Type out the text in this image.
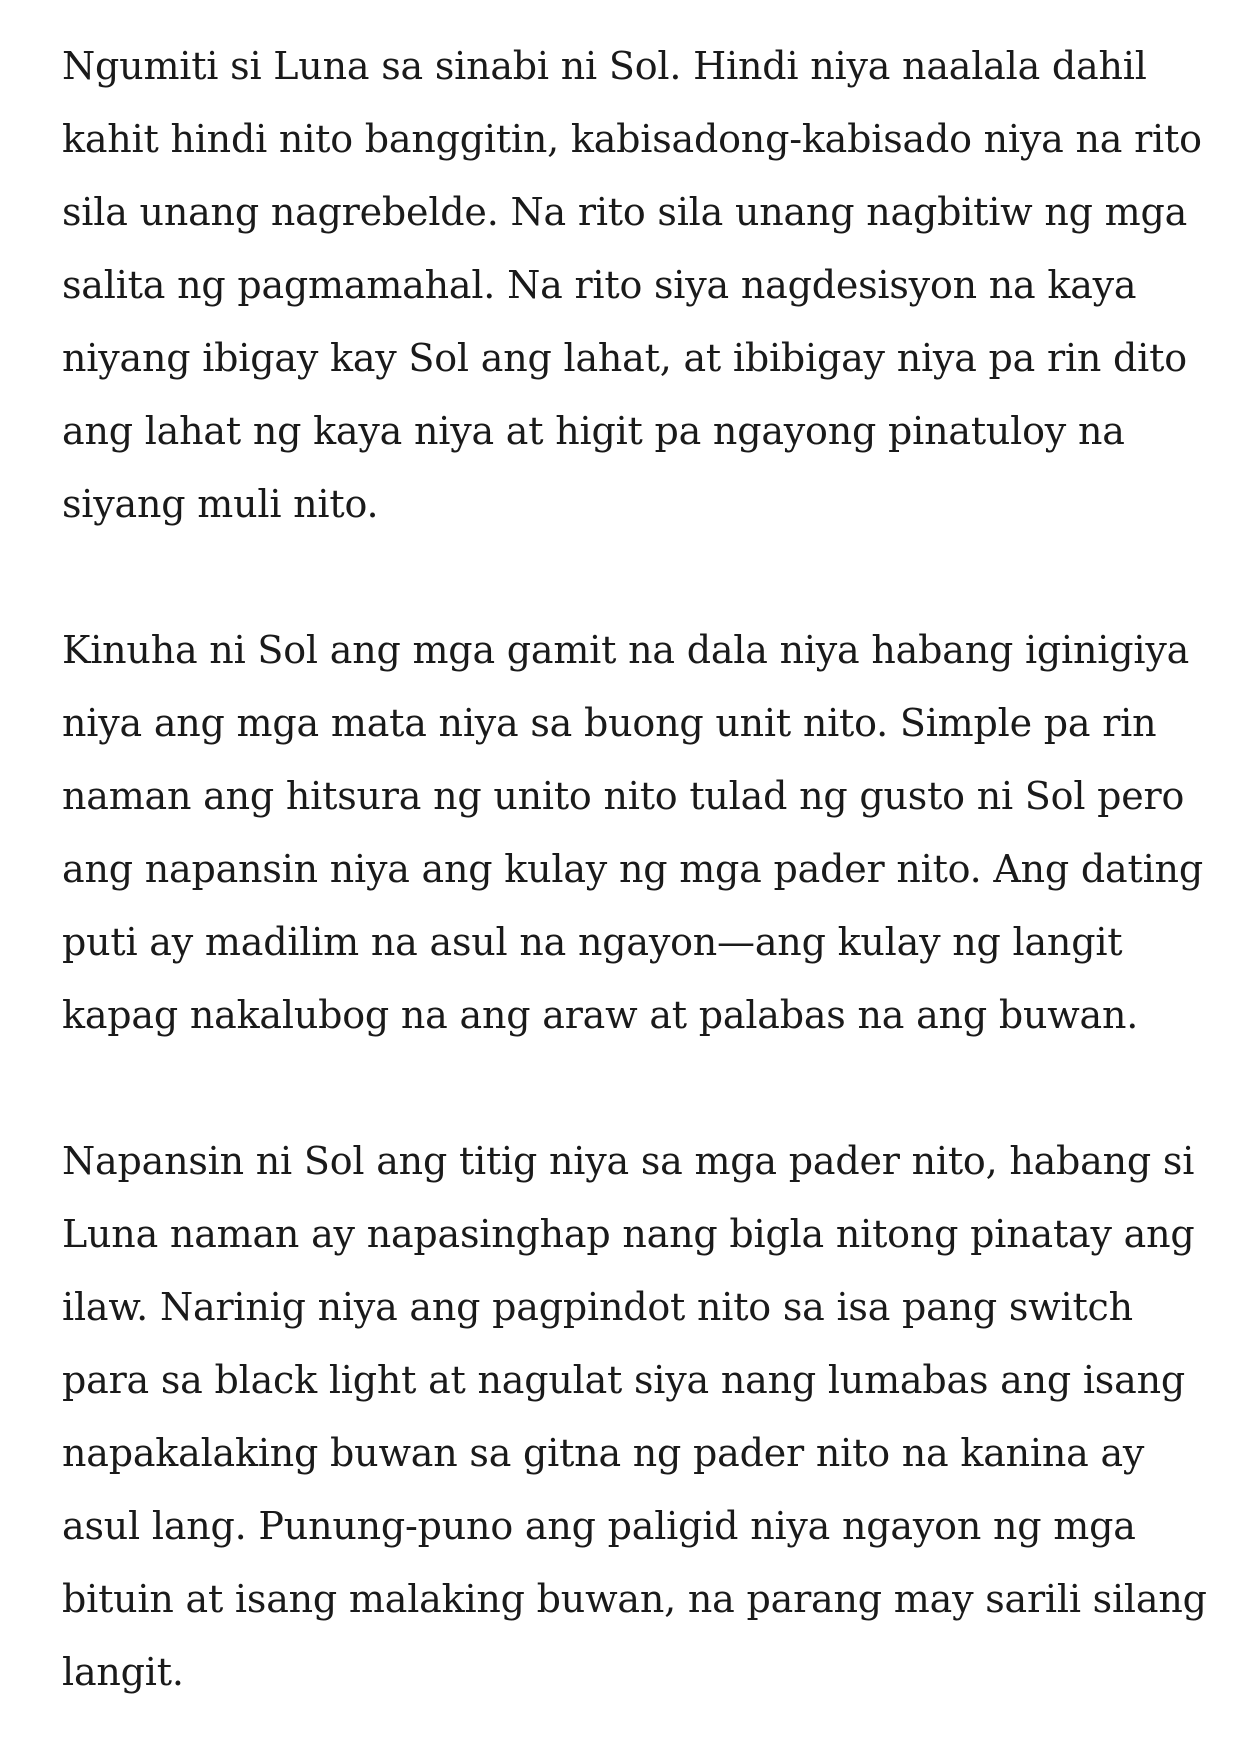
Ngumiti si Luna sa sinabi ni Sol. Hindi niya naalala dahil
kahit hindi nito banggitin, kabisadong-kabisado niya na rito
sila unang nagrebelde. Na rito sila unang nagbitiw ng mga
salita ng pagmamahal. Na rito siya nagdesisyon na kaya
niyang ibigay kay Sol ang lahat, at ibibigay niya pa rin dito
ang lahat ng kaya niya at higit pa ngayong pinatuloy na
siyang muli nito.

Kinuha ni Sol ang mga gamit na dala niya habang iginigiya
niya ang mga mata niya sa buong unit nito. Simple pa rin
naman ang hitsura ng unito nito tulad ng gusto ni Sol pero
ang napansin niya ang kulay ng mga pader nito. Ang dating
puti ay madilim na asul na ngayon—ang kulay ng langit
kapag nakalubog na ang araw at palabas na ang buwan.

Napansin ni Sol ang titig niya sa mga pader nito, habang si
Luna naman ay napasinghap nang bigla nitong pinatay ang
ilaw. Narinig niya ang pagpindot nito sa isa pang switch
para sa black light at nagulat siya nang lumabas ang isang
napakalaking buwan sa gitna ng pader nito na kanina ay
asul lang. Punung-puno ang paligid niya ngayon ng mga
bituin at isang malaking buwan, na parang may sarili silang
langit.
